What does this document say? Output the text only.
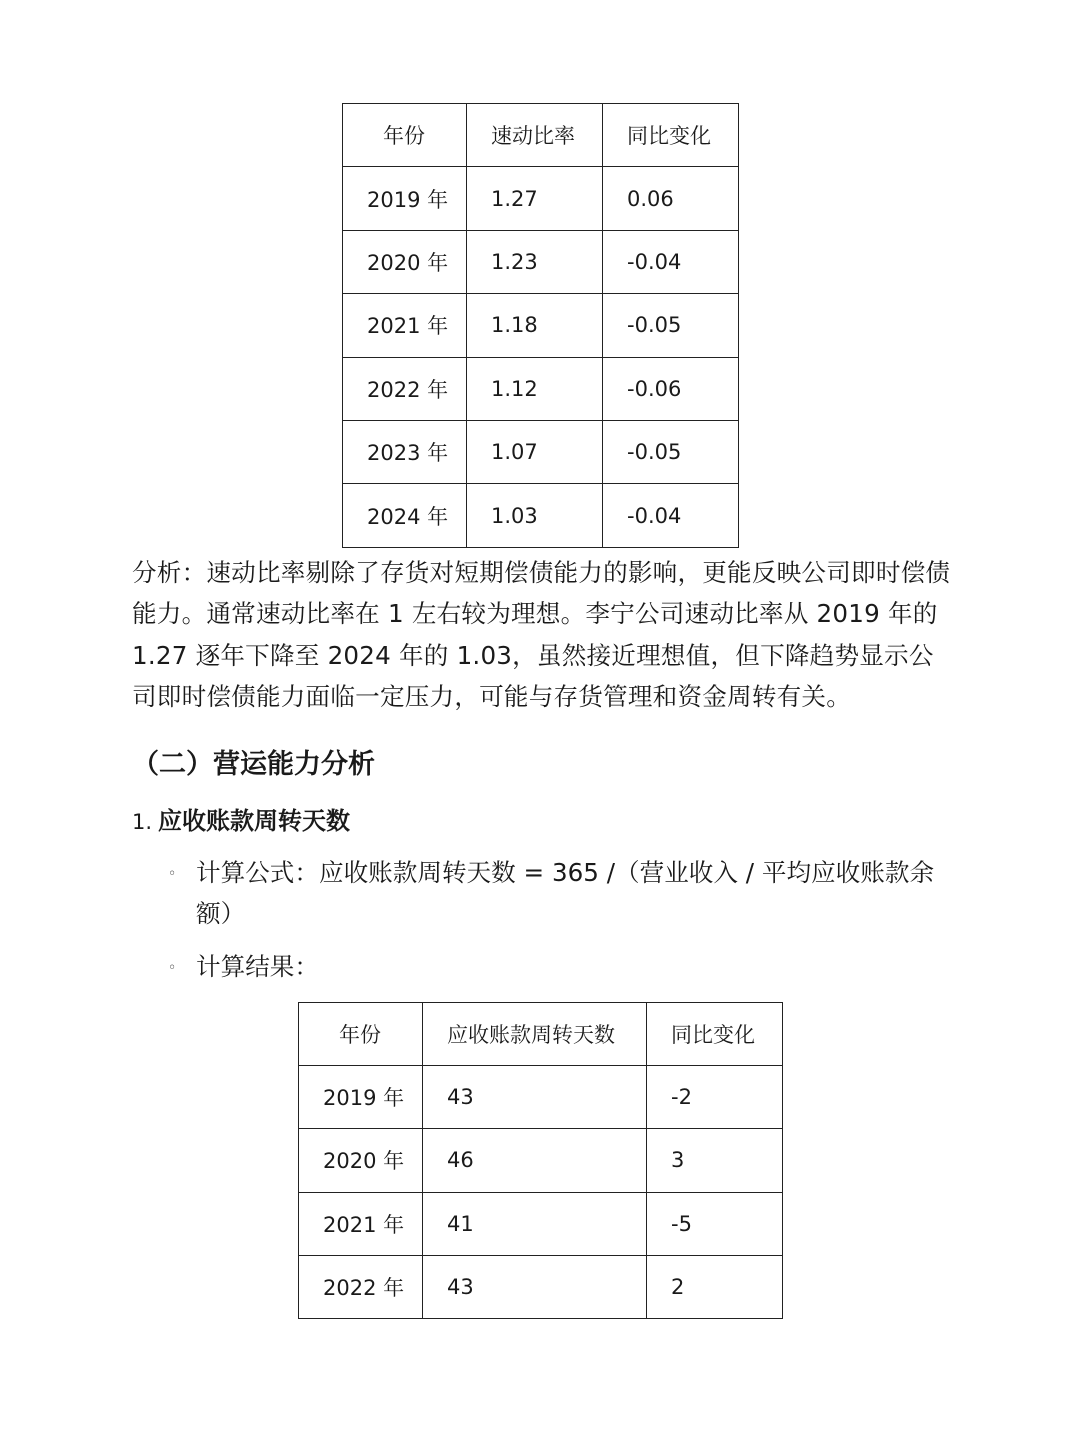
年份	速动比率	同比变化
2019 年	1.27	0.06
2020 年	1.23	-0.04
2021 年	1.18	-0.05
2022 年	1.12	-0.06
2023 年	1.07	-0.05
2024 年	1.03	-0.04

分析：速动比率剔除了存货对短期偿债能力的影响，更能反映公司即时偿债能力。通常速动比率在 1 左右较为理想。李宁公司速动比率从 2019 年的 1.27 逐年下降至 2024 年的 1.03，虽然接近理想值，但下降趋势显示公司即时偿债能力面临一定压力，可能与存货管理和资金周转有关。

（二）营运能力分析
1. 应收账款周转天数
◦ 计算公式：应收账款周转天数 = 365 /（营业收入 / 平均应收账款余额）

◦ 计算结果：

年份	应收账款周转天数	同比变化
2019 年	43	-2
2020 年	46	3
2021 年	41	-5
2022 年	43	2
